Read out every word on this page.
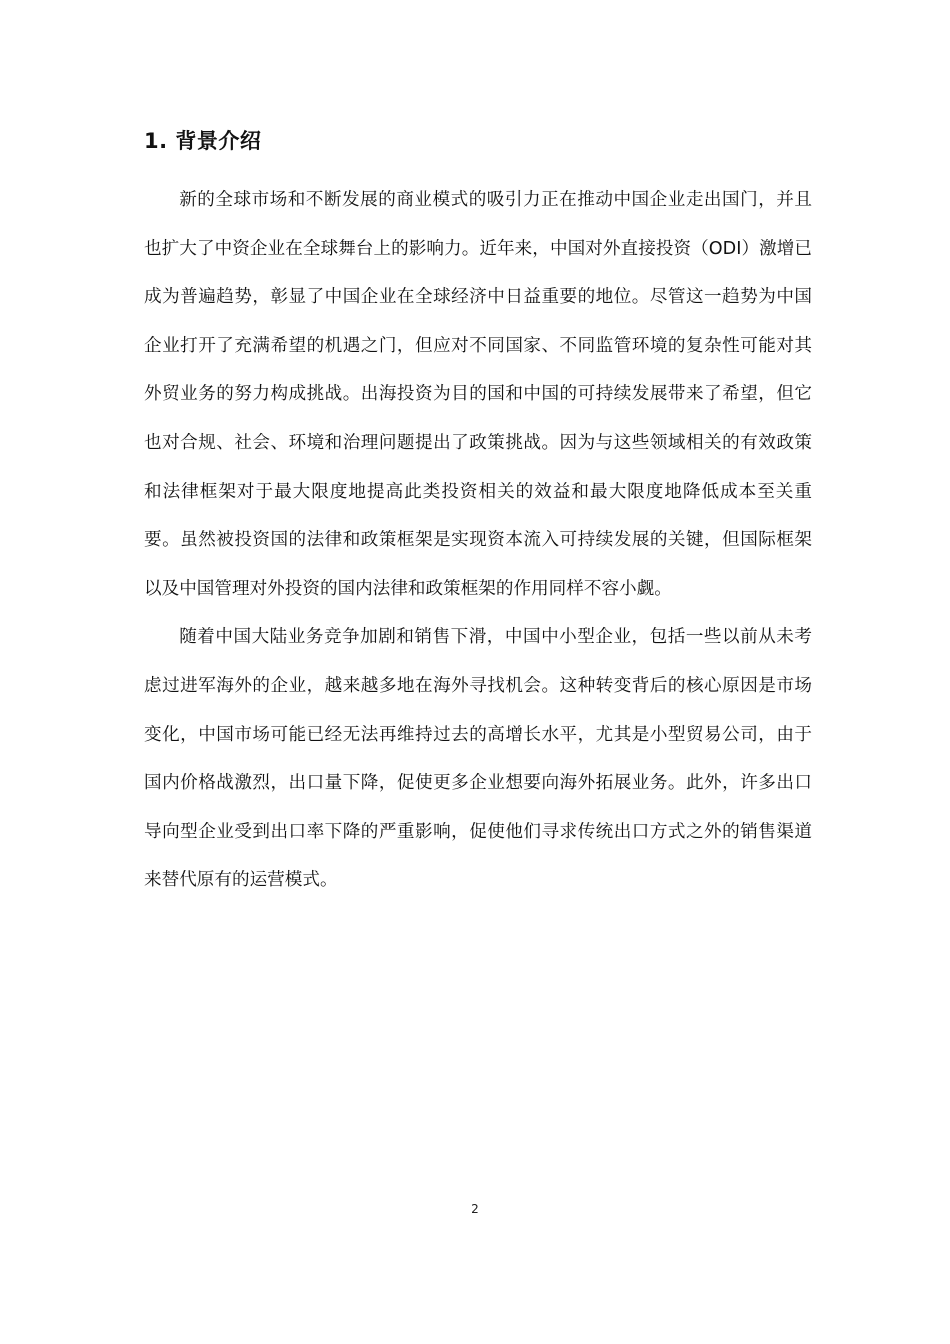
1. 背景介绍

新的全球市场和不断发展的商业模式的吸引力正在推动中国企业走出国门，并且也扩大了中资企业在全球舞台上的影响力。近年来，中国对外直接投资（ODI）激增已成为普遍趋势，彰显了中国企业在全球经济中日益重要的地位。尽管这一趋势为中国企业打开了充满希望的机遇之门，但应对不同国家、不同监管环境的复杂性可能对其外贸业务的努力构成挑战。出海投资为目的国和中国的可持续发展带来了希望，但它也对合规、社会、环境和治理问题提出了政策挑战。因为与这些领域相关的有效政策和法律框架对于最大限度地提高此类投资相关的效益和最大限度地降低成本至关重要。虽然被投资国的法律和政策框架是实现资本流入可持续发展的关键，但国际框架以及中国管理对外投资的国内法律和政策框架的作用同样不容小觑。

随着中国大陆业务竞争加剧和销售下滑，中国中小型企业，包括一些以前从未考虑过进军海外的企业，越来越多地在海外寻找机会。这种转变背后的核心原因是市场变化，中国市场可能已经无法再维持过去的高增长水平，尤其是小型贸易公司，由于国内价格战激烈，出口量下降，促使更多企业想要向海外拓展业务。此外，许多出口导向型企业受到出口率下降的严重影响，促使他们寻求传统出口方式之外的销售渠道来替代原有的运营模式。

2
